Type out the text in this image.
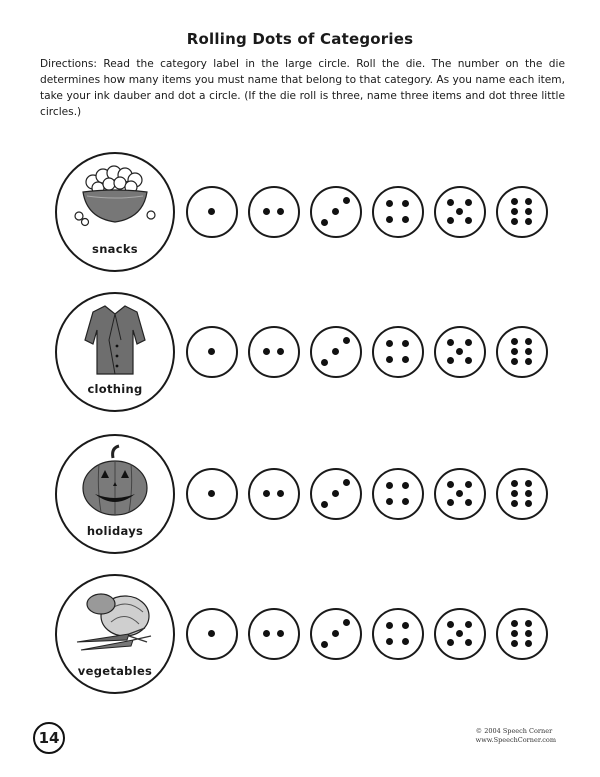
Rolling Dots of Categories
Directions: Read the category label in the large circle. Roll the die. The number on the die determines how many items you must name that belong to that category. As you name each item, take your ink dauber and dot a circle. (If the die roll is three, name three items and dot three little circles.)
snacks
clothing
holidays
vegetables
14	© 2004 Speech Corner
www.SpeechCorner.com
